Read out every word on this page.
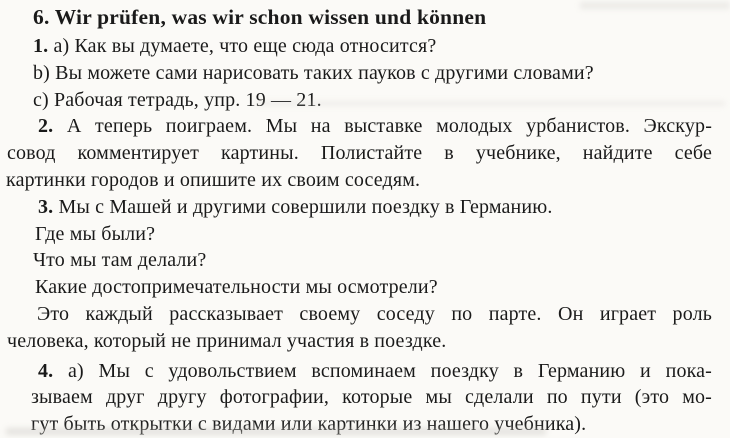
6. Wir prüfen, was wir schon wissen und können
1. а) Как вы думаете, что еще сюда относится?
b) Вы можете сами нарисовать таких пауков с другими словами?
c) Рабочая тетрадь, упр. 19 — 21.
2. А теперь поиграем. Мы на выставке молодых урбанистов. Экскур-
совод комментирует картины. Полистайте в учебнике, найдите себе
картинки городов и опишите их своим соседям.
3. Мы с Машей и другими совершили поездку в Германию.
Где мы были?
Что мы там делали?
Какие достопримечательности мы осмотрели?
Это каждый рассказывает своему соседу по парте. Он играет роль
человека, который не принимал участия в поездке.
4. а) Мы с удовольствием вспоминаем поездку в Германию и пока-
зываем друг другу фотографии, которые мы сделали по пути (это мо-
гут быть открытки с видами или картинки из нашего учебника).
